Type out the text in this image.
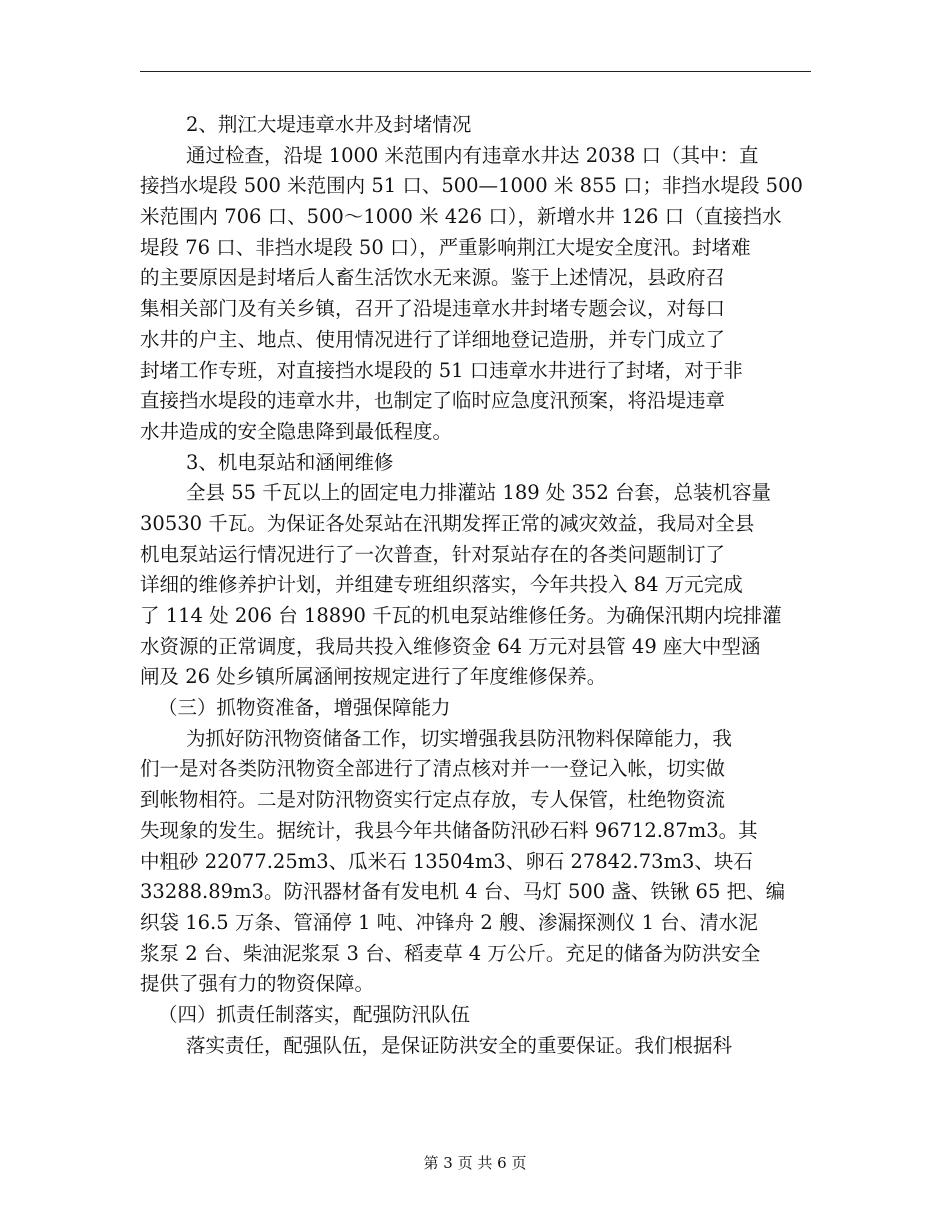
2、荆江大堤违章水井及封堵情况
通过检查，沿堤 1000 米范围内有违章水井达 2038 口（其中：直
接挡水堤段 500 米范围内 51 口、500—1000 米 855 口；非挡水堤段 500
米范围内 706 口、500～1000 米 426 口），新增水井 126 口（直接挡水
堤段 76 口、非挡水堤段 50 口），严重影响荆江大堤安全度汛。封堵难
的主要原因是封堵后人畜生活饮水无来源。鉴于上述情况，县政府召
集相关部门及有关乡镇，召开了沿堤违章水井封堵专题会议，对每口
水井的户主、地点、使用情况进行了详细地登记造册，并专门成立了
封堵工作专班，对直接挡水堤段的 51 口违章水井进行了封堵，对于非
直接挡水堤段的违章水井，也制定了临时应急度汛预案，将沿堤违章
水井造成的安全隐患降到最低程度。
3、机电泵站和涵闸维修
全县 55 千瓦以上的固定电力排灌站 189 处 352 台套，总装机容量
30530 千瓦。为保证各处泵站在汛期发挥正常的减灾效益，我局对全县
机电泵站运行情况进行了一次普查，针对泵站存在的各类问题制订了
详细的维修养护计划，并组建专班组织落实，今年共投入 84 万元完成
了 114 处 206 台 18890 千瓦的机电泵站维修任务。为确保汛期内垸排灌
水资源的正常调度，我局共投入维修资金 64 万元对县管 49 座大中型涵
闸及 26 处乡镇所属涵闸按规定进行了年度维修保养。
（三）抓物资准备，增强保障能力
为抓好防汛物资储备工作，切实增强我县防汛物料保障能力，我
们一是对各类防汛物资全部进行了清点核对并一一登记入帐，切实做
到帐物相符。二是对防汛物资实行定点存放，专人保管，杜绝物资流
失现象的发生。据统计，我县今年共储备防汛砂石料 96712.87m3。其
中粗砂 22077.25m3、瓜米石 13504m3、卵石 27842.73m3、块石
33288.89m3。防汛器材备有发电机 4 台、马灯 500 盏、铁锹 65 把、编
织袋 16.5 万条、管涌停 1 吨、冲锋舟 2 艘、渗漏探测仪 1 台、清水泥
浆泵 2 台、柴油泥浆泵 3 台、稻麦草 4 万公斤。充足的储备为防洪安全
提供了强有力的物资保障。
（四）抓责任制落实，配强防汛队伍
落实责任，配强队伍，是保证防洪安全的重要保证。我们根据科
第 3 页 共 6 页
